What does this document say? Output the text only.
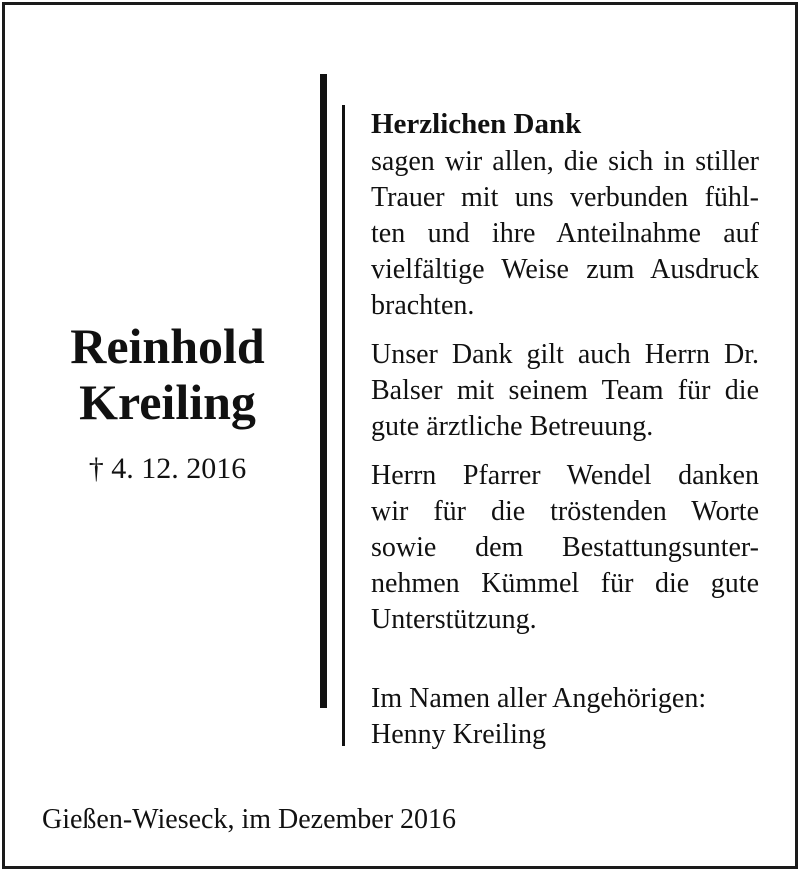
Reinhold
Kreiling
† 4. 12. 2016

Herzlichen Dank

sagen wir allen, die sich in stiller
Trauer mit uns verbunden fühl-
ten und ihre Anteilnahme auf
vielfältige Weise zum Ausdruck
brachten.

Unser Dank gilt auch Herrn Dr.
Balser mit seinem Team für die
gute ärztliche Betreuung.

Herrn Pfarrer Wendel danken
wir für die tröstenden Worte
sowie dem Bestattungsunter-
nehmen Kümmel für die gute
Unterstützung.

Im Namen aller Angehörigen:
Henny Kreiling

Gießen-Wieseck, im Dezember 2016
